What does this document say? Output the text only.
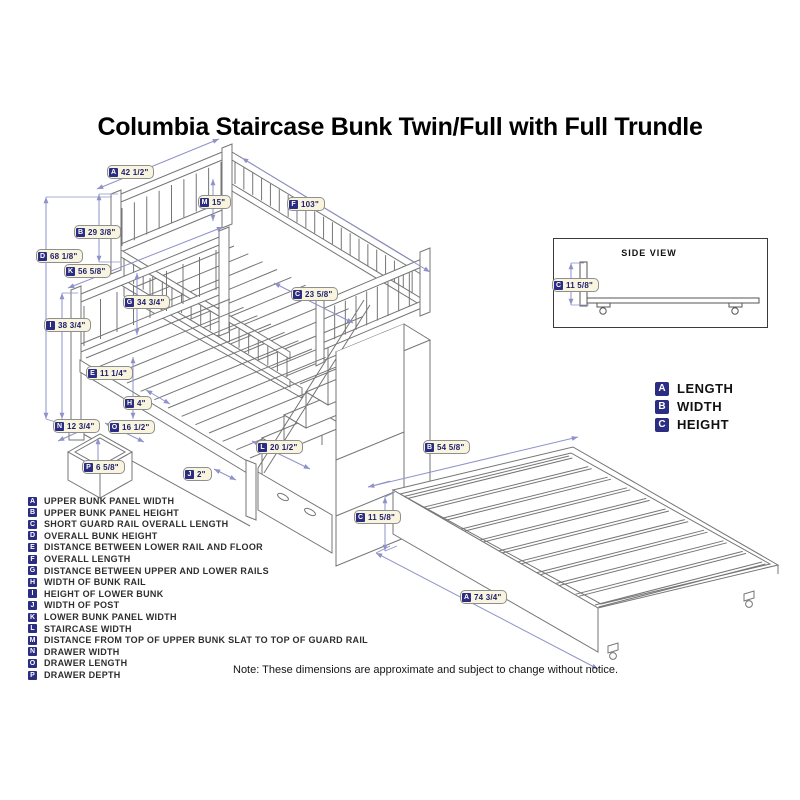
Columbia Staircase Bunk Twin/Full with Full Trundle
SIDE VIEW
A 42 1/2"
M 15"	F 103"
B 29 3/8"
D 68 1/8"
K 56 5/8"
G 34 3/4"
C 23 5/8"
I 38 3/4"
E 11 1/4"
H 4"
L 20 1/2"
J 2"
N 12 3/4" O 16 1/2"
P 6 5/8"
B 54 5/8"
C 11 5/8"
A 74 3/4"
C 11 5/8"
A LENGTH
B WIDTH
C HEIGHT
A UPPER BUNK PANEL WIDTH
B UPPER BUNK PANEL HEIGHT
C SHORT GUARD RAIL OVERALL LENGTH
D OVERALL BUNK HEIGHT
E DISTANCE BETWEEN LOWER RAIL AND FLOOR
F OVERALL LENGTH
G DISTANCE BETWEEN UPPER AND LOWER RAILS
H WIDTH OF BUNK RAIL
I	HEIGHT OF LOWER BUNK
J WIDTH OF POST
K LOWER BUNK PANEL WIDTH
L STAIRCASE WIDTH
M DISTANCE FROM TOP OF UPPER BUNK SLAT TO TOP OF GUARD RAIL
N DRAWER WIDTH
O DRAWER LENGTH
P DRAWER DEPTH	Note: These dimensions are approximate and subject to change without notice.
